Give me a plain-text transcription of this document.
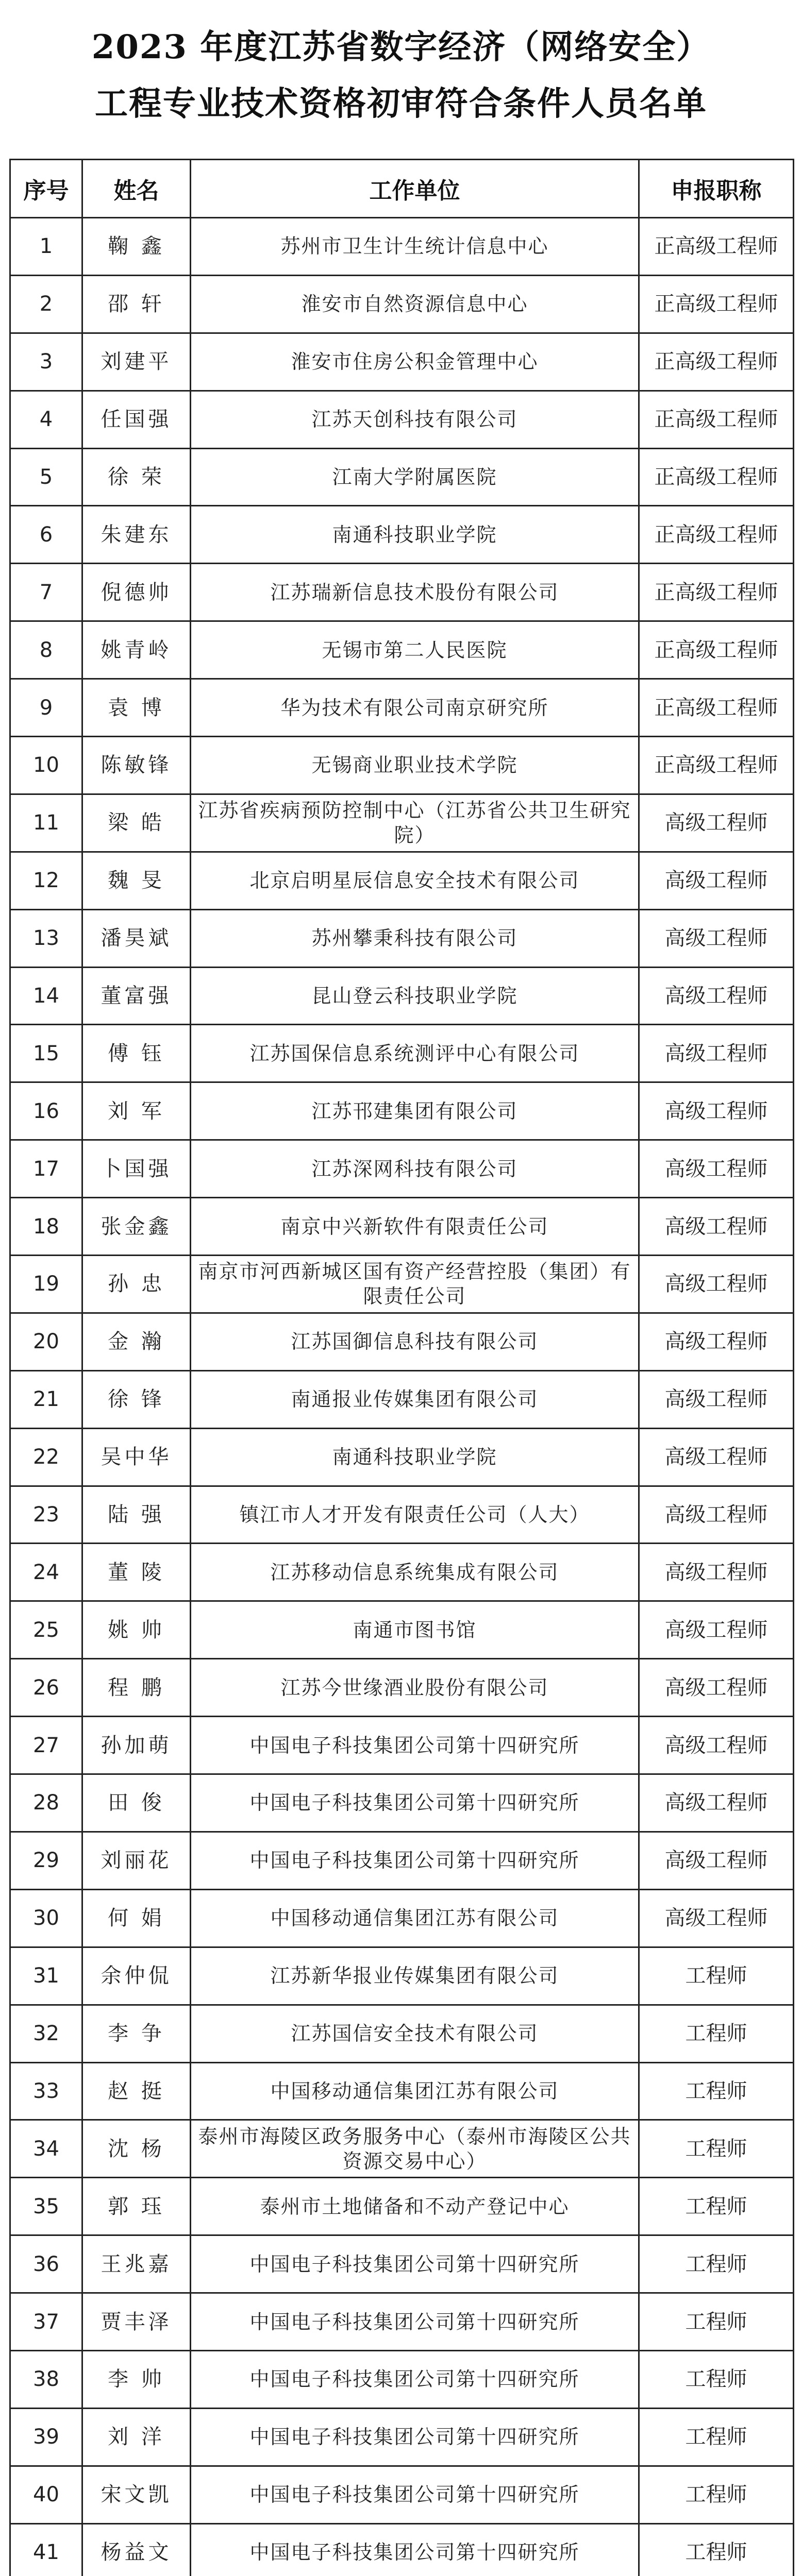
2023 年度江苏省数字经济（网络安全）
工程专业技术资格初审符合条件人员名单
序号	姓名	工作单位	申报职称
1	鞠 鑫	苏州市卫生计生统计信息中心	正高级工程师
2	邵 轩	淮安市自然资源信息中心	正高级工程师
3	刘建平	淮安市住房公积金管理中心	正高级工程师
4	任国强	江苏天创科技有限公司	正高级工程师
5	徐 荣	江南大学附属医院	正高级工程师
6	朱建东	南通科技职业学院	正高级工程师
7	倪德帅	江苏瑞新信息技术股份有限公司	正高级工程师
8	姚青岭	无锡市第二人民医院	正高级工程师
9	袁 博	华为技术有限公司南京研究所	正高级工程师
10	陈敏锋	无锡商业职业技术学院	正高级工程师
11	梁 皓	江苏省疾病预防控制中心（江苏省公共卫生研究院）	高级工程师
12	魏 旻	北京启明星辰信息安全技术有限公司	高级工程师
13	潘昊斌	苏州攀秉科技有限公司	高级工程师
14	董富强	昆山登云科技职业学院	高级工程师
15	傅 钰	江苏国保信息系统测评中心有限公司	高级工程师
16	刘 军	江苏邗建集团有限公司	高级工程师
17	卜国强	江苏深网科技有限公司	高级工程师
18	张金鑫	南京中兴新软件有限责任公司	高级工程师
19	孙 忠	南京市河西新城区国有资产经营控股（集团）有限责任公司	高级工程师
20	金 瀚	江苏国御信息科技有限公司	高级工程师
21	徐 锋	南通报业传媒集团有限公司	高级工程师
22	吴中华	南通科技职业学院	高级工程师
23	陆 强	镇江市人才开发有限责任公司（人大）	高级工程师
24	董 陵	江苏移动信息系统集成有限公司	高级工程师
25	姚 帅	南通市图书馆	高级工程师
26	程 鹏	江苏今世缘酒业股份有限公司	高级工程师
27	孙加萌	中国电子科技集团公司第十四研究所	高级工程师
28	田 俊	中国电子科技集团公司第十四研究所	高级工程师
29	刘丽花	中国电子科技集团公司第十四研究所	高级工程师
30	何 娟	中国移动通信集团江苏有限公司	高级工程师
31	余仲侃	江苏新华报业传媒集团有限公司	工程师
32	李 争	江苏国信安全技术有限公司	工程师
33	赵 挺	中国移动通信集团江苏有限公司	工程师
34	沈 杨	泰州市海陵区政务服务中心（泰州市海陵区公共资源交易中心）	工程师
35	郭 珏	泰州市土地储备和不动产登记中心	工程师
36	王兆嘉	中国电子科技集团公司第十四研究所	工程师
37	贾丰泽	中国电子科技集团公司第十四研究所	工程师
38	李 帅	中国电子科技集团公司第十四研究所	工程师
39	刘 洋	中国电子科技集团公司第十四研究所	工程师
40	宋文凯	中国电子科技集团公司第十四研究所	工程师
41	杨益文	中国电子科技集团公司第十四研究所	工程师
